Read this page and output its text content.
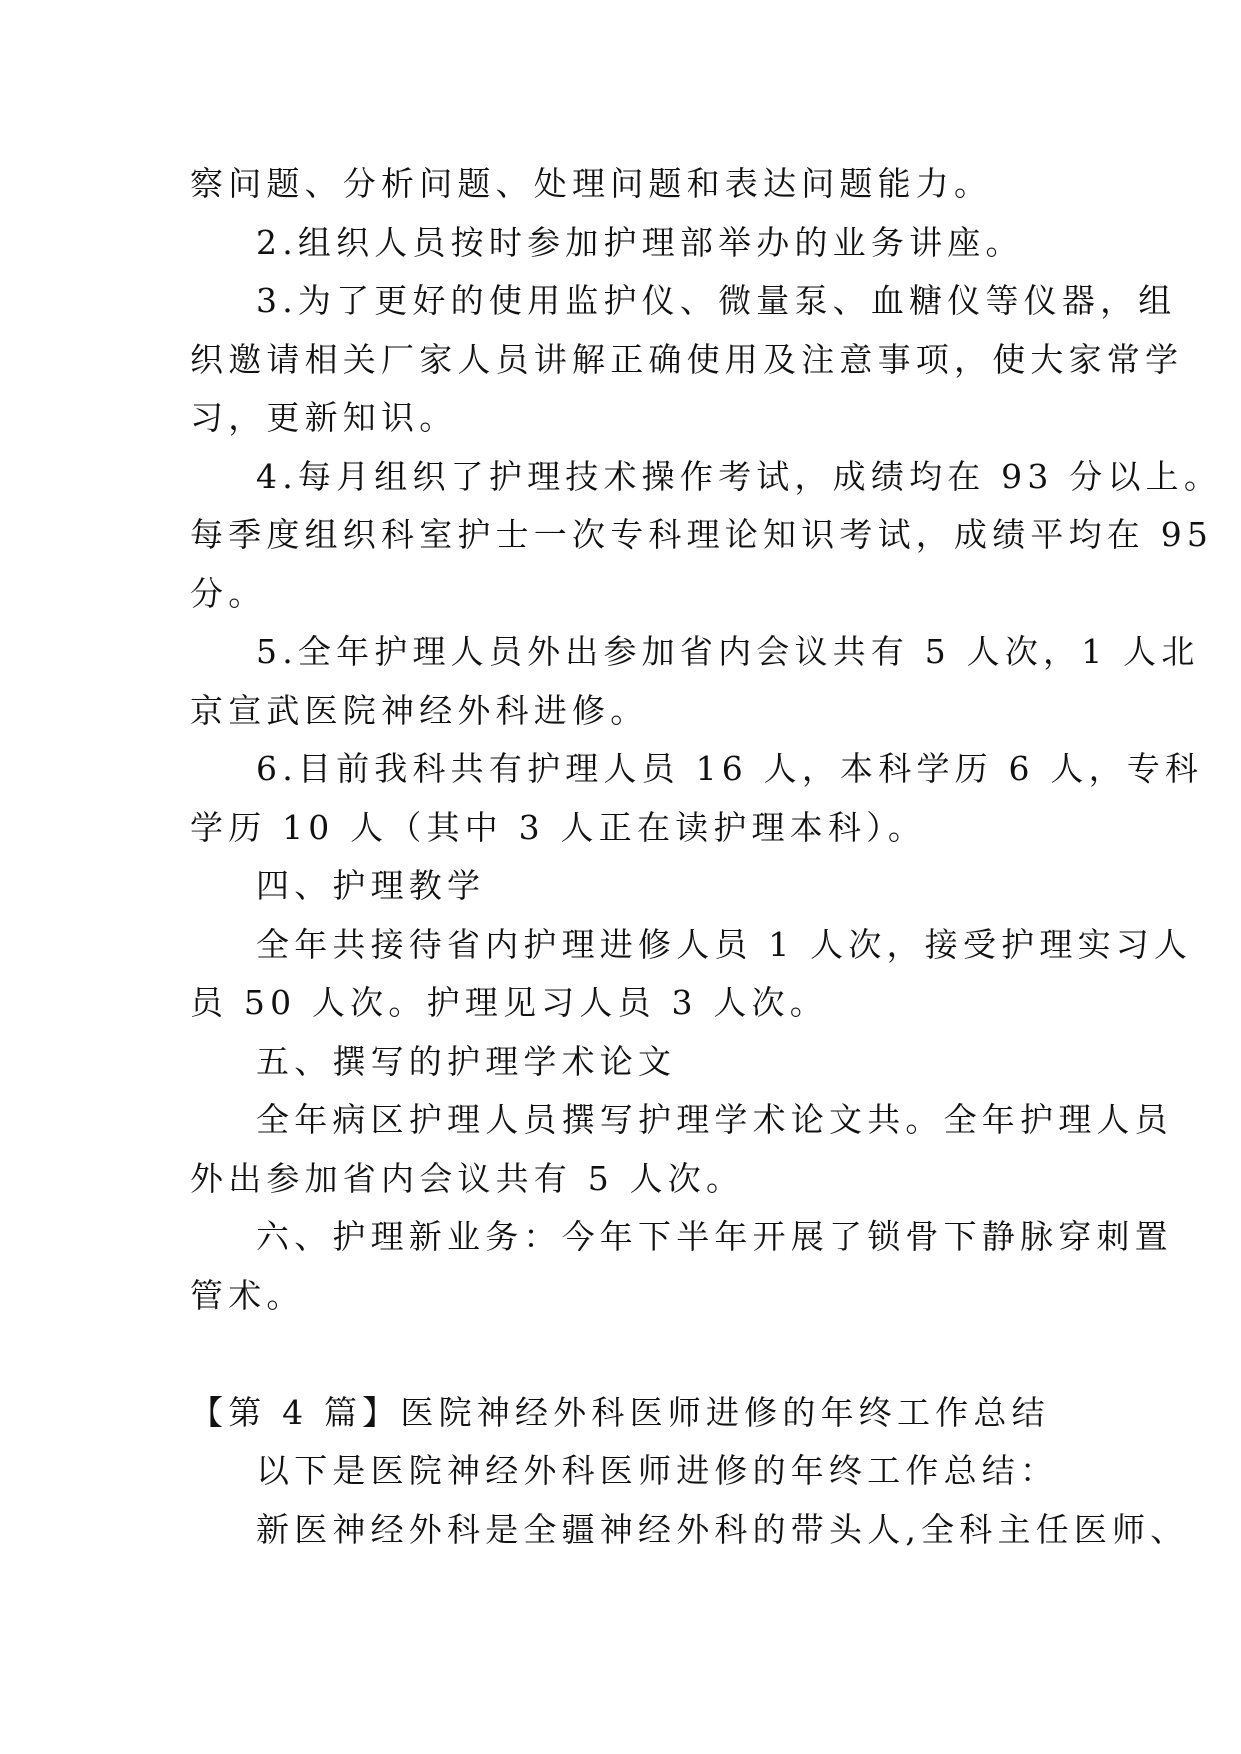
察问题、分析问题、处理问题和表达问题能力。

2.组织人员按时参加护理部举办的业务讲座。

3.为了更好的使用监护仪、微量泵、血糖仪等仪器，组

织邀请相关厂家人员讲解正确使用及注意事项，使大家常学

习，更新知识。

4.每月组织了护理技术操作考试，成绩均在 93 分以上。

每季度组织科室护士一次专科理论知识考试，成绩平均在 95

分。

5.全年护理人员外出参加省内会议共有 5 人次，1 人北

京宣武医院神经外科进修。

6.目前我科共有护理人员 16 人，本科学历 6 人，专科

学历 10 人（其中 3 人正在读护理本科）。

四、护理教学

全年共接待省内护理进修人员 1 人次，接受护理实习人

员 50 人次。护理见习人员 3 人次。

五、撰写的护理学术论文

全年病区护理人员撰写护理学术论文共。全年护理人员

外出参加省内会议共有 5 人次。

六、护理新业务：今年下半年开展了锁骨下静脉穿刺置

管术。

【第 4 篇】医院神经外科医师进修的年终工作总结

以下是医院神经外科医师进修的年终工作总结：

新医神经外科是全疆神经外科的带头人,全科主任医师、
